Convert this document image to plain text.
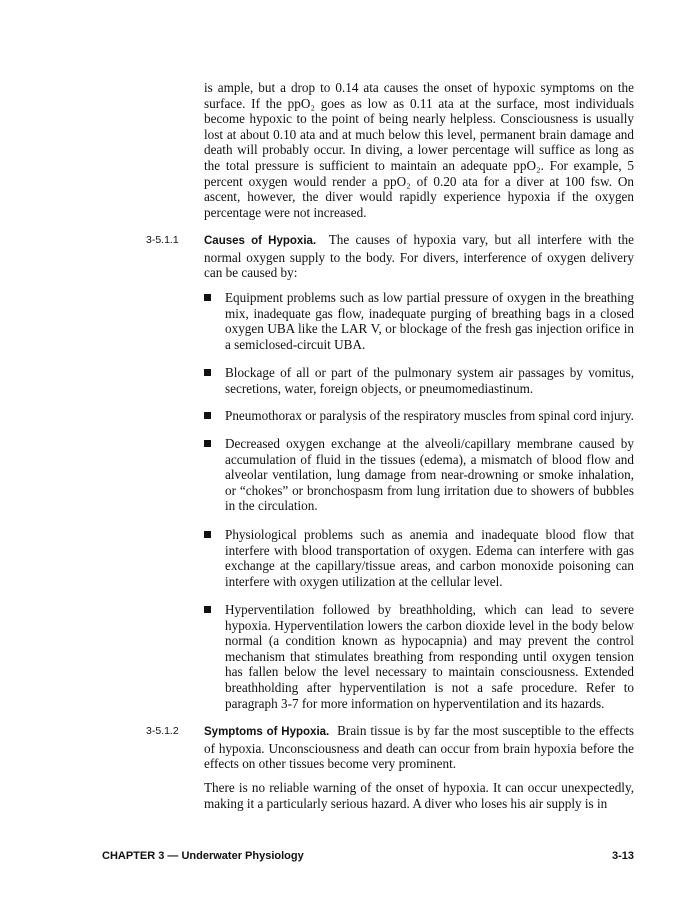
is ample, but a drop to 0.14 ata causes the onset of hypoxic symptoms on the surface. If the ppO₂ goes as low as 0.11 ata at the surface, most individuals become hypoxic to the point of being nearly helpless. Consciousness is usually lost at about 0.10 ata and at much below this level, permanent brain damage and death will probably occur. In diving, a lower percentage will suffice as long as the total pressure is sufficient to maintain an adequate ppO₂. For example, 5 percent oxygen would render a ppO₂ of 0.20 ata for a diver at 100 fsw. On ascent, however, the diver would rapidly experience hypoxia if the oxygen percentage were not increased.

3-5.1.1 Causes of Hypoxia. The causes of hypoxia vary, but all interfere with the normal oxygen supply to the body. For divers, interference of oxygen delivery can be caused by:

Equipment problems such as low partial pressure of oxygen in the breathing mix, inadequate gas flow, inadequate purging of breathing bags in a closed oxygen UBA like the LAR V, or blockage of the fresh gas injection orifice in a semiclosed-circuit UBA.
Blockage of all or part of the pulmonary system air passages by vomitus, secretions, water, foreign objects, or pneumomediastinum.
Pneumothorax or paralysis of the respiratory muscles from spinal cord injury.
Decreased oxygen exchange at the alveoli/capillary membrane caused by accumulation of fluid in the tissues (edema), a mismatch of blood flow and alveolar ventilation, lung damage from near-drowning or smoke inhalation, or “chokes” or bronchospasm from lung irritation due to showers of bubbles in the circulation.
Physiological problems such as anemia and inadequate blood flow that interfere with blood transportation of oxygen. Edema can interfere with gas exchange at the capillary/tissue areas, and carbon monoxide poisoning can interfere with oxygen utilization at the cellular level.
Hyperventilation followed by breathholding, which can lead to severe hypoxia. Hyperventilation lowers the carbon dioxide level in the body below normal (a condition known as hypocapnia) and may prevent the control mechanism that stimulates breathing from responding until oxygen tension has fallen below the level necessary to maintain consciousness. Extended breathholding after hyperventilation is not a safe procedure. Refer to paragraph 3-7 for more information on hyperventilation and its hazards.
3-5.1.2 Symptoms of Hypoxia. Brain tissue is by far the most susceptible to the effects of hypoxia. Unconsciousness and death can occur from brain hypoxia before the effects on other tissues become very prominent.

There is no reliable warning of the onset of hypoxia. It can occur unexpectedly, making it a particularly serious hazard. A diver who loses his air supply is in

CHAPTER 3 — Underwater Physiology	3-13
